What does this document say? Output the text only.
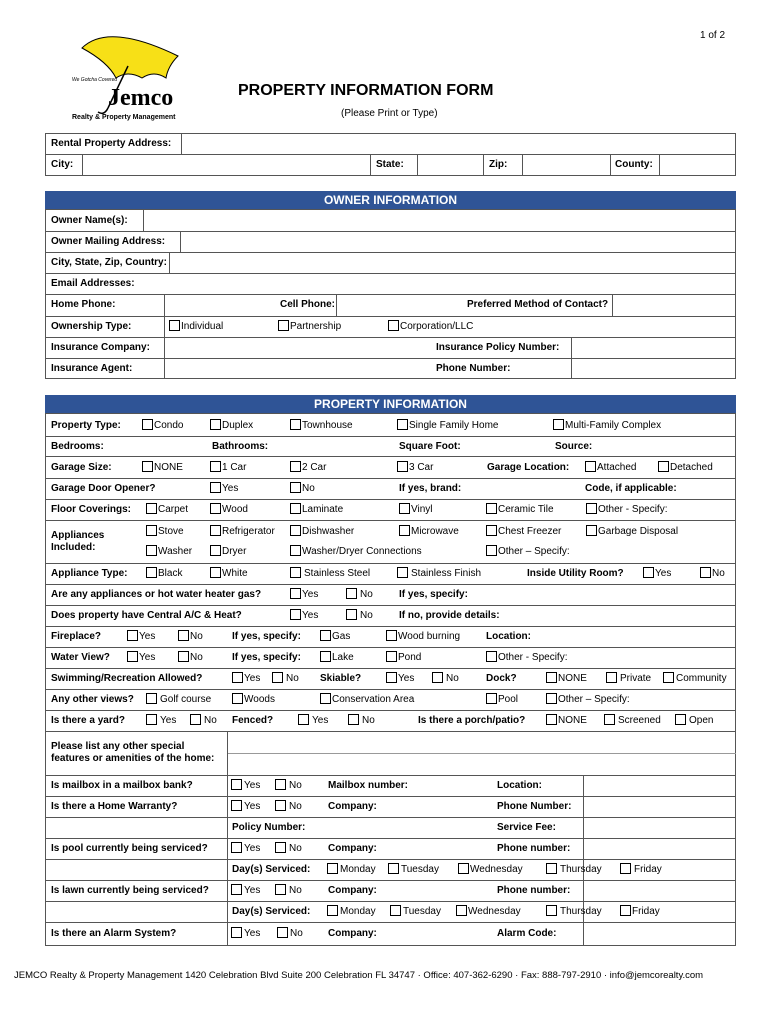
1 of 2
We Gotcha Covered
Jemco
Realty & Property Management
PROPERTY INFORMATION FORM
(Please Print or Type)
Rental Property Address:
City:	State:	Zip:	County:
OWNER INFORMATION
Owner Name(s):
Owner Mailing Address:
City, State, Zip, Country:
Email Addresses:
Home Phone:	Cell Phone:	Preferred Method of Contact?
Ownership Type:	Individual	Partnership	Corporation/LLC
Insurance Company:	Insurance Policy Number:
Insurance Agent:	Phone Number:
PROPERTY INFORMATION
Property Type:	Condo	Duplex	Townhouse	Single Family Home	Multi-Family Complex
Bedrooms:	Bathrooms:	Square Foot:	Source:
Garage Size:	NONE	1 Car	2 Car	3 Car	Garage Location:	Attached	Detached
Garage Door Opener?	Yes	No	If yes, brand:	Code, if applicable:
Floor Coverings:	Carpet	Wood	Laminate	Vinyl	Ceramic Tile	Other - Specify:
Appliances
Included:
Stove	Refrigerator	Dishwasher	Microwave	Chest Freezer	Garbage Disposal
Washer	Dryer	Washer/Dryer Connections	Other – Specify:
Appliance Type:	Black	White	Stainless Steel	Stainless Finish	Inside Utility Room?	Yes	No
Are any appliances or hot water heater gas?	Yes	No	If yes, specify:
Does property have Central A/C & Heat?	Yes	No	If no, provide details:
Fireplace?	Yes	No	If yes, specify:	Gas	Wood burning	Location:
Water View?	Yes	No	If yes, specify:	Lake	Pond	Other - Specify:
Swimming/Recreation Allowed?	Yes	No Skiable?	Yes	No	Dock?	NONE	Private Community
Any other views?	Golf course	Woods	Conservation Area	Pool	Other – Specify:
Is there a yard?	Yes	No Fenced?	Yes	No	Is there a porch/patio?	NONE	Screened	Open
Please list any other special
features or amenities of the home:
Is mailbox in a mailbox bank?	Yes	No	Mailbox number:	Location:
Is there a Home Warranty?	Yes	No	Company:	Phone Number:
Policy Number:	Service Fee:
Is pool currently being serviced?	Yes	No	Company:	Phone number:
Day(s) Serviced:	Monday	Tuesday	Wednesday	Thursday	Friday
Is lawn currently being serviced?	Yes	No	Company:	Phone number:
Day(s) Serviced:	Monday	Tuesday	Wednesday	Thursday	Friday
Is there an Alarm System?	Yes	No	Company:	Alarm Code:
JEMCO Realty & Property Management 1420 Celebration Blvd Suite 200 Celebration FL 34747 · Office: 407-362-6290 · Fax: 888-797-2910 · info@jemcorealty.com
